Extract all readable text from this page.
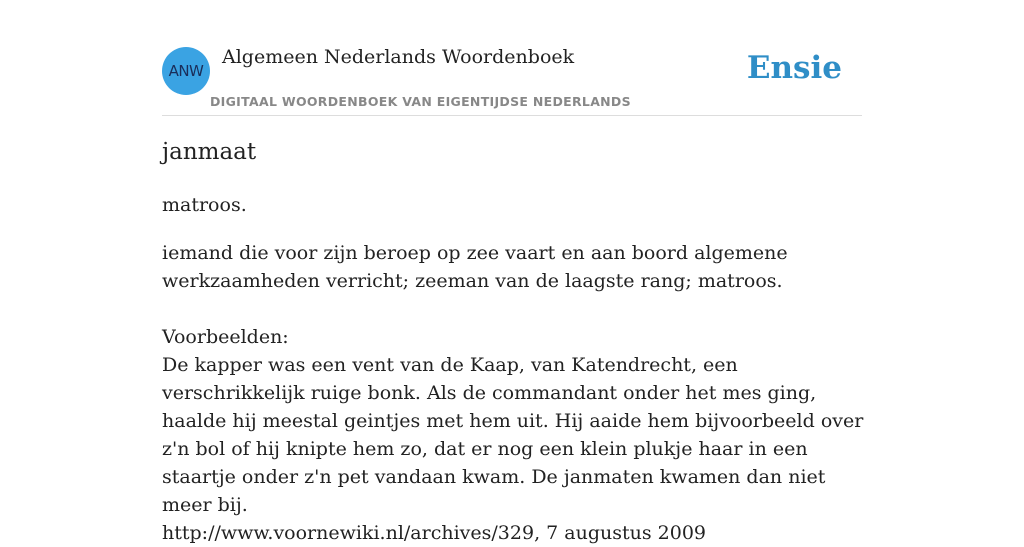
ANW
Algemeen Nederlands Woordenboek
DIGITAAL WOORDENBOEK VAN EIGENTIJDSE NEDERLANDS
Ensie
janmaat
matroos.
iemand die voor zijn beroep op zee vaart en aan boord algemene werkzaamheden verricht; zeeman van de laagste rang; matroos.

Voorbeelden:

De kapper was een vent van de Kaap, van Katendrecht, een verschrikkelijk ruige bonk. Als de commandant onder het mes ging, haalde hij meestal geintjes met hem uit. Hij aaide hem bijvoorbeeld over z'n bol of hij knipte hem zo, dat er nog een klein plukje haar in een staartje onder z'n pet vandaan kwam. De janmaten kwamen dan niet meer bij.

http://www.voornewiki.nl/archives/329, 7 augustus 2009
